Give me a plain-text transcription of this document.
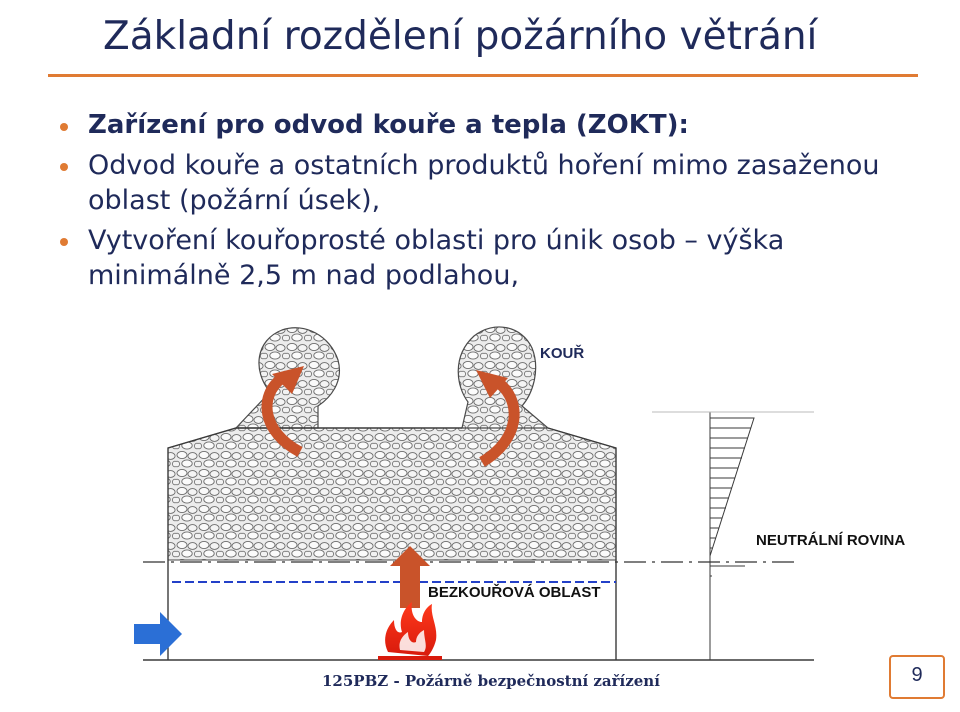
Základní rozdělení požárního větrání
Zařízení pro odvod kouře a tepla (ZOKT):
Odvod kouře a ostatních produktů hoření mimo zasaženou oblast (požární úsek),
Vytvoření kouřoprosté oblasti pro únik osob – výška minimálně 2,5 m nad podlahou,
KOUŘ
NEUTRÁLNÍ ROVINA
BEZKOUŘOVÁ OBLAST
125PBZ - Požárně bezpečnostní zařízení	9
